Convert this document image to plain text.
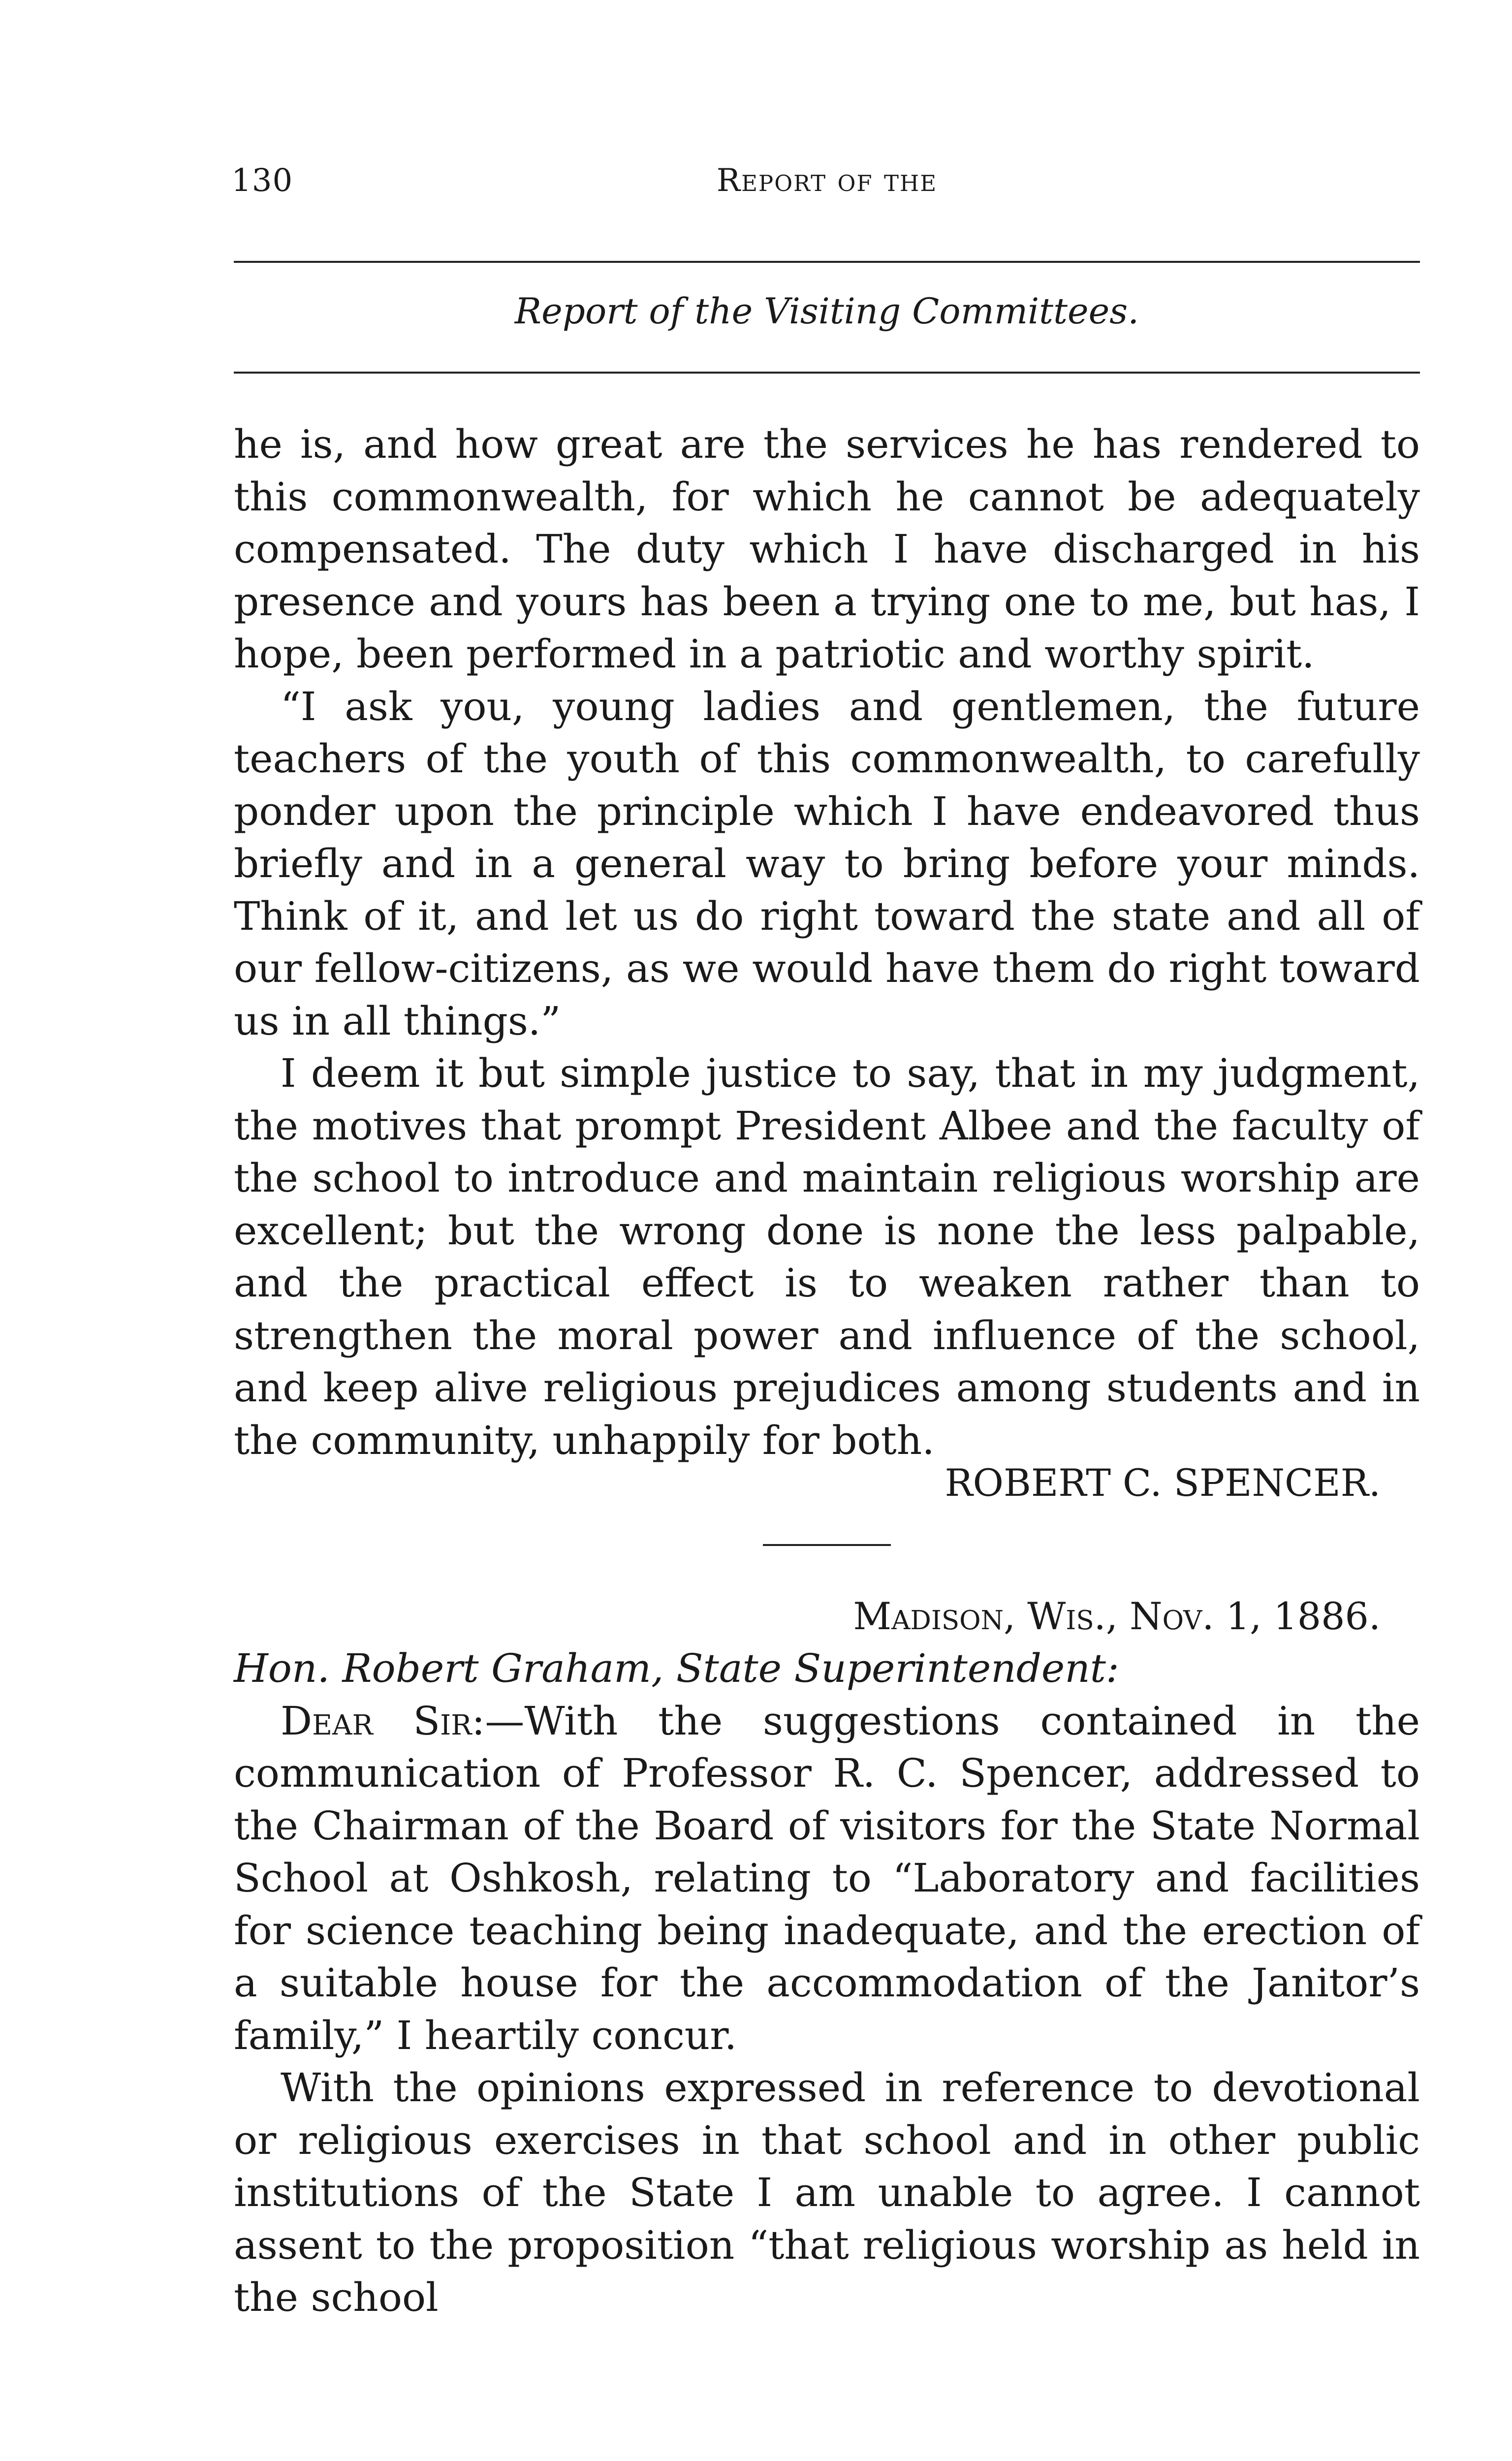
130	Report of the
Report of the Visiting Committees.

he is, and how great are the services he has rendered to this commonwealth, for which he cannot be adequately compensated. The duty which I have discharged in his presence and yours has been a trying one to me, but has, I hope, been performed in a patriotic and worthy spirit.

“I ask you, young ladies and gentlemen, the future teachers of the youth of this commonwealth, to carefully ponder upon the principle which I have endeavored thus briefly and in a general way to bring before your minds. Think of it, and let us do right toward the state and all of our fellow-citizens, as we would have them do right toward us in all things.”

I deem it but simple justice to say, that in my judgment, the motives that prompt President Albee and the faculty of the school to introduce and maintain religious worship are excellent; but the wrong done is none the less palpable, and the practical effect is to weaken rather than to strengthen the moral power and influence of the school, and keep alive religious prejudices among students and in the community, unhappily for both.

ROBERT C. SPENCER.
Madison, Wis., Nov. 1, 1886.

Hon. Robert Graham, State Superintendent:

Dear Sir:—With the suggestions contained in the communication of Professor R. C. Spencer, addressed to the Chairman of the Board of visitors for the State Normal School at Oshkosh, relating to “Laboratory and facilities for science teaching being inadequate, and the erection of a suitable house for the accommodation of the Janitor’s family,” I heartily concur.

With the opinions expressed in reference to devotional or religious exercises in that school and in other public institutions of the State I am unable to agree. I cannot assent to the proposition “that religious worship as held in the school
